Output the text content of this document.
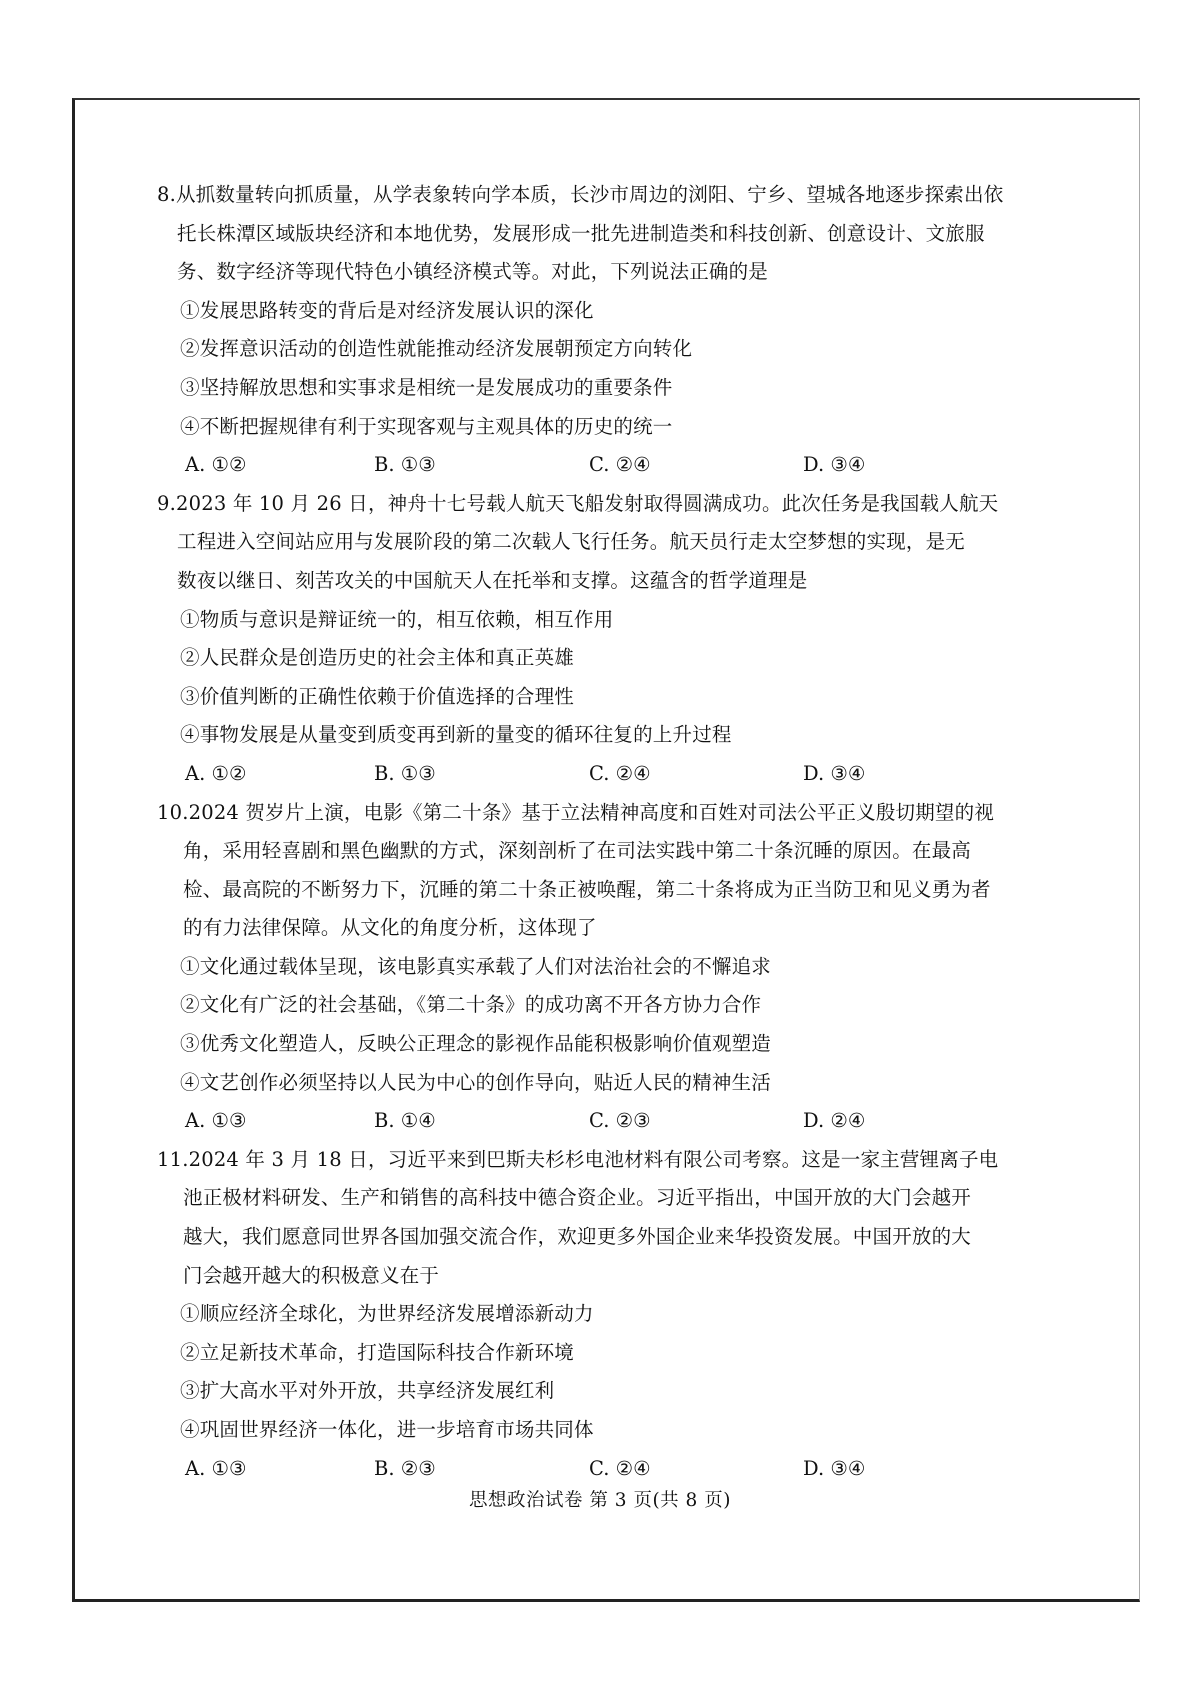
8.从抓数量转向抓质量，从学表象转向学本质，长沙市周边的浏阳、宁乡、望城各地逐步探索出依
托长株潭区域版块经济和本地优势，发展形成一批先进制造类和科技创新、创意设计、文旅服
务、数字经济等现代特色小镇经济模式等。对此，下列说法正确的是
①发展思路转变的背后是对经济发展认识的深化
②发挥意识活动的创造性就能推动经济发展朝预定方向转化
③坚持解放思想和实事求是相统一是发展成功的重要条件
④不断把握规律有利于实现客观与主观具体的历史的统一
A. ①②	B. ①③	C. ②④	D. ③④
9.2023 年 10 月 26 日，神舟十七号载人航天飞船发射取得圆满成功。此次任务是我国载人航天
工程进入空间站应用与发展阶段的第二次载人飞行任务。航天员行走太空梦想的实现，是无
数夜以继日、刻苦攻关的中国航天人在托举和支撑。这蕴含的哲学道理是
①物质与意识是辩证统一的，相互依赖，相互作用
②人民群众是创造历史的社会主体和真正英雄
③价值判断的正确性依赖于价值选择的合理性
④事物发展是从量变到质变再到新的量变的循环往复的上升过程
A. ①②	B. ①③	C. ②④	D. ③④
10.2024 贺岁片上演，电影《第二十条》基于立法精神高度和百姓对司法公平正义殷切期望的视
角，采用轻喜剧和黑色幽默的方式，深刻剖析了在司法实践中第二十条沉睡的原因。在最高
检、最高院的不断努力下，沉睡的第二十条正被唤醒，第二十条将成为正当防卫和见义勇为者
的有力法律保障。从文化的角度分析，这体现了
①文化通过载体呈现，该电影真实承载了人们对法治社会的不懈追求
②文化有广泛的社会基础，《第二十条》的成功离不开各方协力合作
③优秀文化塑造人，反映公正理念的影视作品能积极影响价值观塑造
④文艺创作必须坚持以人民为中心的创作导向，贴近人民的精神生活
A. ①③	B. ①④	C. ②③	D. ②④
11.2024 年 3 月 18 日，习近平来到巴斯夫杉杉电池材料有限公司考察。这是一家主营锂离子电
池正极材料研发、生产和销售的高科技中德合资企业。习近平指出，中国开放的大门会越开
越大，我们愿意同世界各国加强交流合作，欢迎更多外国企业来华投资发展。中国开放的大
门会越开越大的积极意义在于
①顺应经济全球化，为世界经济发展增添新动力
②立足新技术革命，打造国际科技合作新环境
③扩大高水平对外开放，共享经济发展红利
④巩固世界经济一体化，进一步培育市场共同体
A. ①③	B. ②③	C. ②④	D. ③④
思想政治试卷 第 3 页(共 8 页)
